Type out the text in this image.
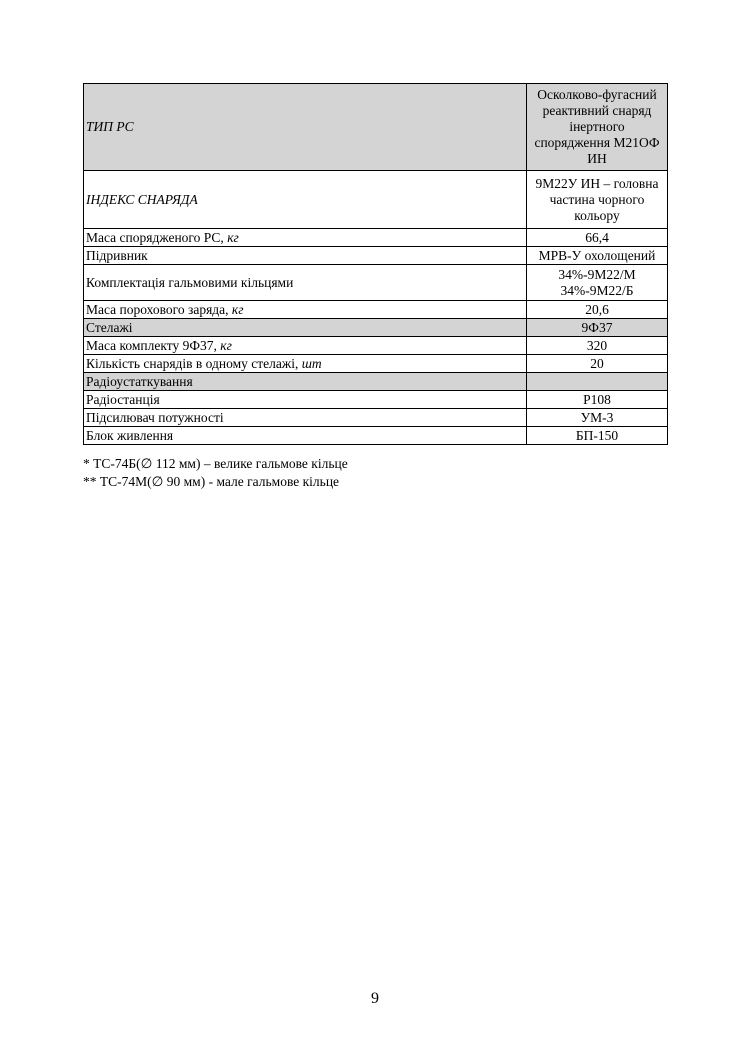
ТИП РС	Осколково-фугасний
реактивний снаряд
інертного
спорядження М21ОФ
ИН

ІНДЕКС СНАРЯДА	9М22У ИН – головна
частина чорного
кольору

Маса спорядженого РС, кг	66,4

Підривник	МРВ-У охолощений

Комплектація гальмовими кільцями	34%-9М22/М
34%-9М22/Б

Маса порохового заряда, кг	20,6

Стелажі	9Ф37

Маса комплекту 9Ф37, кг	320

Кількість снарядів в одному стелажі, шт	20

Радіоустаткування	

Радіостанція	Р108

Підсилювач потужності	УМ-3

Блок живлення	БП-150
* ТС-74Б(∅ 112 мм) – велике гальмове кільце
** ТС-74М(∅ 90 мм) - мале гальмове кільце
9
